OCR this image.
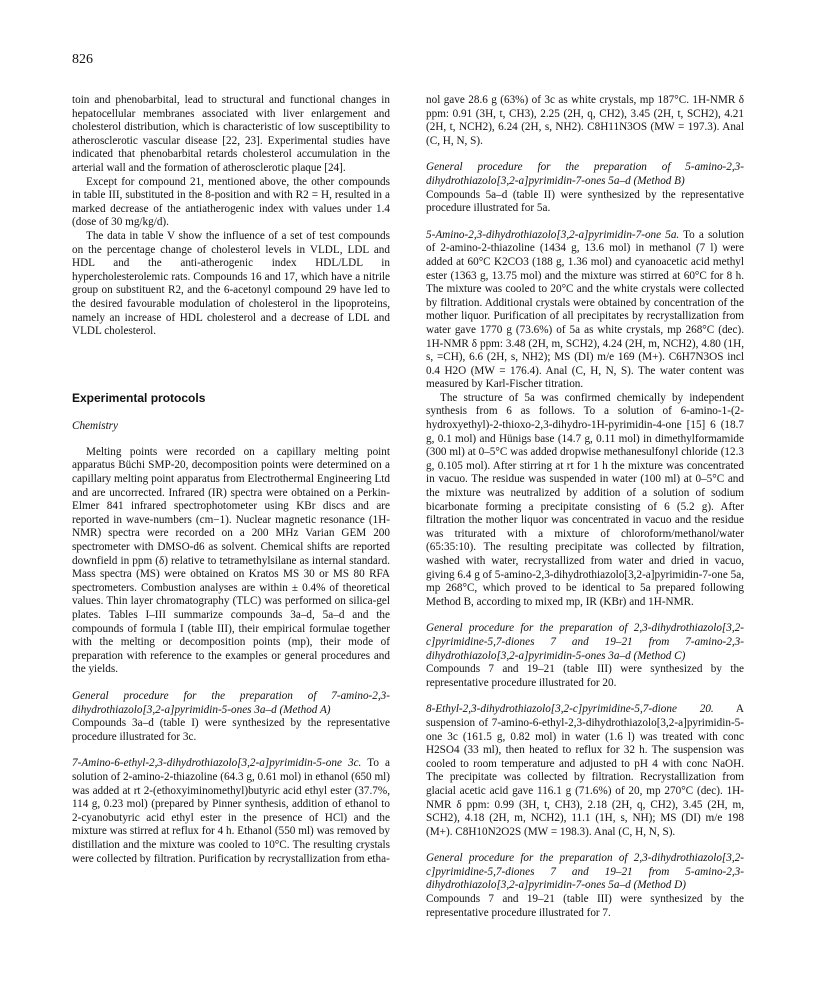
826

toin and phenobarbital, lead to structural and functional changes in hepatocellular membranes associated with liver enlargement and cholesterol distribution, which is characteristic of low susceptibility to atherosclerotic vascular disease [22, 23]. Experimental studies have indicated that phenobarbital retards cholesterol accumulation in the arterial wall and the formation of atherosclerotic plaque [24].

Except for compound 21, mentioned above, the other compounds in table III, substituted in the 8-position and with R2 = H, resulted in a marked decrease of the antiatherogenic index with values under 1.4 (dose of 30 mg/kg/d).

The data in table V show the influence of a set of test compounds on the percentage change of cholesterol levels in VLDL, LDL and HDL and the anti-atherogenic index HDL/LDL in hypercholesterolemic rats. Compounds 16 and 17, which have a nitrile group on substituent R2, and the 6-acetonyl compound 29 have led to the desired favourable modulation of cholesterol in the lipoproteins, namely an increase of HDL cholesterol and a decrease of LDL and VLDL cholesterol.

Experimental protocols
Chemistry

Melting points were recorded on a capillary melting point apparatus Büchi SMP-20, decomposition points were determined on a capillary melting point apparatus from Electrothermal Engineering Ltd and are uncorrected. Infrared (IR) spectra were obtained on a Perkin-Elmer 841 infrared spectrophotometer using KBr discs and are reported in wave-numbers (cm−1). Nuclear magnetic resonance (1H-NMR) spectra were recorded on a 200 MHz Varian GEM 200 spectrometer with DMSO-d6 as solvent. Chemical shifts are reported downfield in ppm (δ) relative to tetramethylsilane as internal standard. Mass spectra (MS) were obtained on Kratos MS 30 or MS 80 RFA spectrometers. Combustion analyses are within ± 0.4% of theoretical values. Thin layer chromatography (TLC) was performed on silica-gel plates. Tables I–III summarize compounds 3a–d, 5a–d and the compounds of formula I (table III), their empirical formulae together with the melting or decomposition points (mp), their mode of preparation with reference to the examples or general procedures and the yields.

General procedure for the preparation of 7-amino-2,3-dihydrothiazolo[3,2-a]pyrimidin-5-ones 3a–d (Method A)

Compounds 3a–d (table I) were synthesized by the representative procedure illustrated for 3c.

7-Amino-6-ethyl-2,3-dihydrothiazolo[3,2-a]pyrimidin-5-one 3c. To a solution of 2-amino-2-thiazoline (64.3 g, 0.61 mol) in ethanol (650 ml) was added at rt 2-(ethoxyiminomethyl)butyric acid ethyl ester (37.7%, 114 g, 0.23 mol) (prepared by Pinner synthesis, addition of ethanol to 2-cyanobutyric acid ethyl ester in the presence of HCl) and the mixture was stirred at reflux for 4 h. Ethanol (550 ml) was removed by distillation and the mixture was cooled to 10°C. The resulting crystals were collected by filtration. Purification by recrystallization from etha-

nol gave 28.6 g (63%) of 3c as white crystals, mp 187°C. 1H-NMR δ ppm: 0.91 (3H, t, CH3), 2.25 (2H, q, CH2), 3.45 (2H, t, SCH2), 4.21 (2H, t, NCH2), 6.24 (2H, s, NH2). C8H11N3OS (MW = 197.3). Anal (C, H, N, S).

General procedure for the preparation of 5-amino-2,3-dihydrothiazolo[3,2-a]pyrimidin-7-ones 5a–d (Method B)

Compounds 5a–d (table II) were synthesized by the representative procedure illustrated for 5a.

5-Amino-2,3-dihydrothiazolo[3,2-a]pyrimidin-7-one 5a. To a solution of 2-amino-2-thiazoline (1434 g, 13.6 mol) in methanol (7 l) were added at 60°C K2CO3 (188 g, 1.36 mol) and cyanoacetic acid methyl ester (1363 g, 13.75 mol) and the mixture was stirred at 60°C for 8 h. The mixture was cooled to 20°C and the white crystals were collected by filtration. Additional crystals were obtained by concentration of the mother liquor. Purification of all precipitates by recrystallization from water gave 1770 g (73.6%) of 5a as white crystals, mp 268°C (dec). 1H-NMR δ ppm: 3.48 (2H, m, SCH2), 4.24 (2H, m, NCH2), 4.80 (1H, s, =CH), 6.6 (2H, s, NH2); MS (DI) m/e 169 (M+). C6H7N3OS incl 0.4 H2O (MW = 176.4). Anal (C, H, N, S). The water content was measured by Karl-Fischer titration.

The structure of 5a was confirmed chemically by independent synthesis from 6 as follows. To a solution of 6-amino-1-(2-hydroxyethyl)-2-thioxo-2,3-dihydro-1H-pyrimidin-4-one [15] 6 (18.7 g, 0.1 mol) and Hünigs base (14.7 g, 0.11 mol) in dimethylformamide (300 ml) at 0–5°C was added dropwise methanesulfonyl chloride (12.3 g, 0.105 mol). After stirring at rt for 1 h the mixture was concentrated in vacuo. The residue was suspended in water (100 ml) at 0–5°C and the mixture was neutralized by addition of a solution of sodium bicarbonate forming a precipitate consisting of 6 (5.2 g). After filtration the mother liquor was concentrated in vacuo and the residue was triturated with a mixture of chloroform/methanol/water (65:35:10). The resulting precipitate was collected by filtration, washed with water, recrystallized from water and dried in vacuo, giving 6.4 g of 5-amino-2,3-dihydrothiazolo[3,2-a]pyrimidin-7-one 5a, mp 268°C, which proved to be identical to 5a prepared following Method B, according to mixed mp, IR (KBr) and 1H-NMR.

General procedure for the preparation of 2,3-dihydrothiazolo[3,2-c]pyrimidine-5,7-diones 7 and 19–21 from 7-amino-2,3-dihydrothiazolo[3,2-a]pyrimidin-5-ones 3a–d (Method C)

Compounds 7 and 19–21 (table III) were synthesized by the representative procedure illustrated for 20.

8-Ethyl-2,3-dihydrothiazolo[3,2-c]pyrimidine-5,7-dione 20. A suspension of 7-amino-6-ethyl-2,3-dihydrothiazolo[3,2-a]pyrimidin-5-one 3c (161.5 g, 0.82 mol) in water (1.6 l) was treated with conc H2SO4 (33 ml), then heated to reflux for 32 h. The suspension was cooled to room temperature and adjusted to pH 4 with conc NaOH. The precipitate was collected by filtration. Recrystallization from glacial acetic acid gave 116.1 g (71.6%) of 20, mp 270°C (dec). 1H-NMR δ ppm: 0.99 (3H, t, CH3), 2.18 (2H, q, CH2), 3.45 (2H, m, SCH2), 4.18 (2H, m, NCH2), 11.1 (1H, s, NH); MS (DI) m/e 198 (M+). C8H10N2O2S (MW = 198.3). Anal (C, H, N, S).

General procedure for the preparation of 2,3-dihydrothiazolo[3,2-c]pyrimidine-5,7-diones 7 and 19–21 from 5-amino-2,3-dihydrothiazolo[3,2-a]pyrimidin-7-ones 5a–d (Method D)

Compounds 7 and 19–21 (table III) were synthesized by the representative procedure illustrated for 7.
